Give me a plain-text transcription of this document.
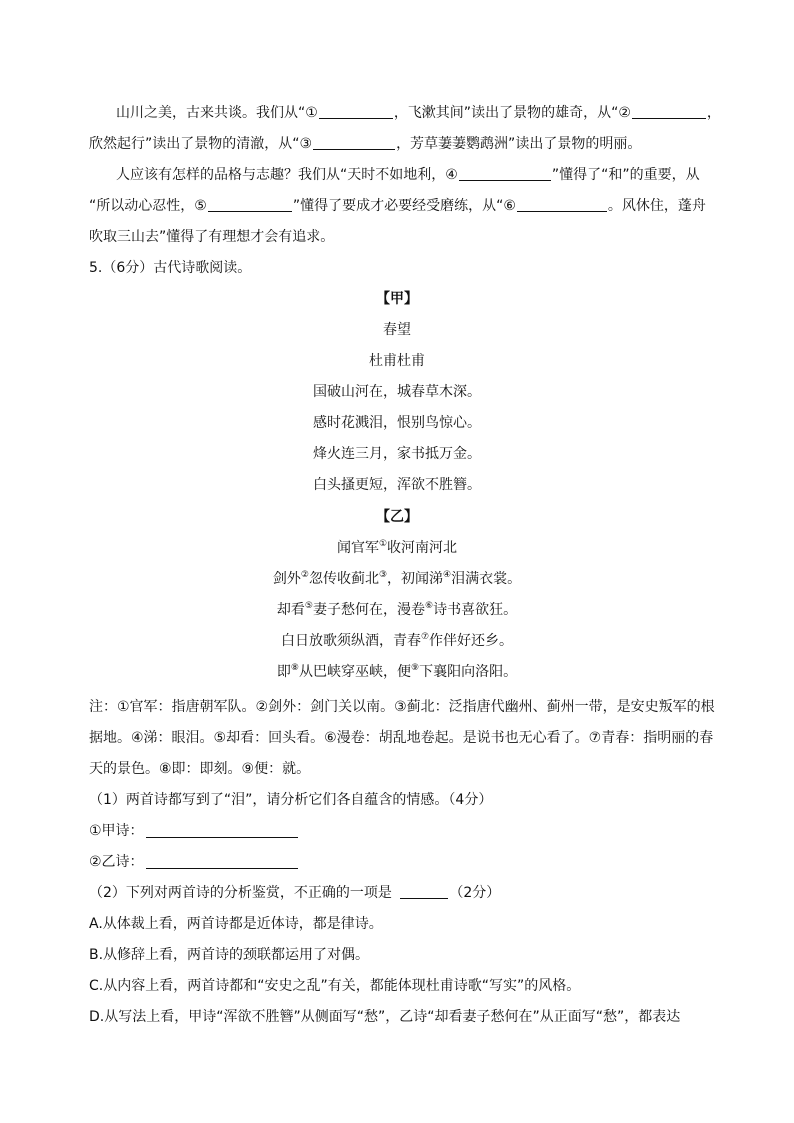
山川之美，古来共谈。我们从“①	，飞漱其间”读出了景物的雄奇，从“②	，
欣然起行”读出了景物的清澈，从“③	，芳草萋萋鹦鹉洲”读出了景物的明丽。
人应该有怎样的品格与志趣？我们从“天时不如地利，④	”懂得了“和”的重要，从
“所以动心忍性，⑤	”懂得了要成才必要经受磨练，从“⑥	。风休住，蓬舟
吹取三山去”懂得了有理想才会有追求。
5.（6分）古代诗歌阅读。
【甲】
春望
杜甫杜甫
国破山河在，城春草木深。
感时花溅泪，恨别鸟惊心。
烽火连三月，家书抵万金。
白头搔更短，浑欲不胜簪。
【乙】
闻官军①收河南河北
剑外②忽传收蓟北③，初闻涕④泪满衣裳。
却看⑤妻子愁何在，漫卷⑥诗书喜欲狂。
白日放歌须纵酒，青春⑦作伴好还乡。
即⑧从巴峡穿巫峡，便⑨下襄阳向洛阳。
注：①官军：指唐朝军队。②剑外：剑门关以南。③蓟北：泛指唐代幽州、蓟州一带，是安史叛军的根
据地。④涕：眼泪。⑤却看：回头看。⑥漫卷：胡乱地卷起。是说书也无心看了。⑦青春：指明丽的春
天的景色。⑧即：即刻。⑨便：就。
（1）两首诗都写到了“泪”，请分析它们各自蕴含的情感。（4分）
①甲诗：
②乙诗：
（2）下列对两首诗的分析鉴赏，不正确的一项是	（2分）
A.从体裁上看，两首诗都是近体诗，都是律诗。
B.从修辞上看，两首诗的颈联都运用了对偶。
C.从内容上看，两首诗都和“安史之乱”有关，都能体现杜甫诗歌“写实”的风格。
D.从写法上看，甲诗“浑欲不胜簪”从侧面写“愁”，乙诗“却看妻子愁何在”从正面写“愁”，都表达
